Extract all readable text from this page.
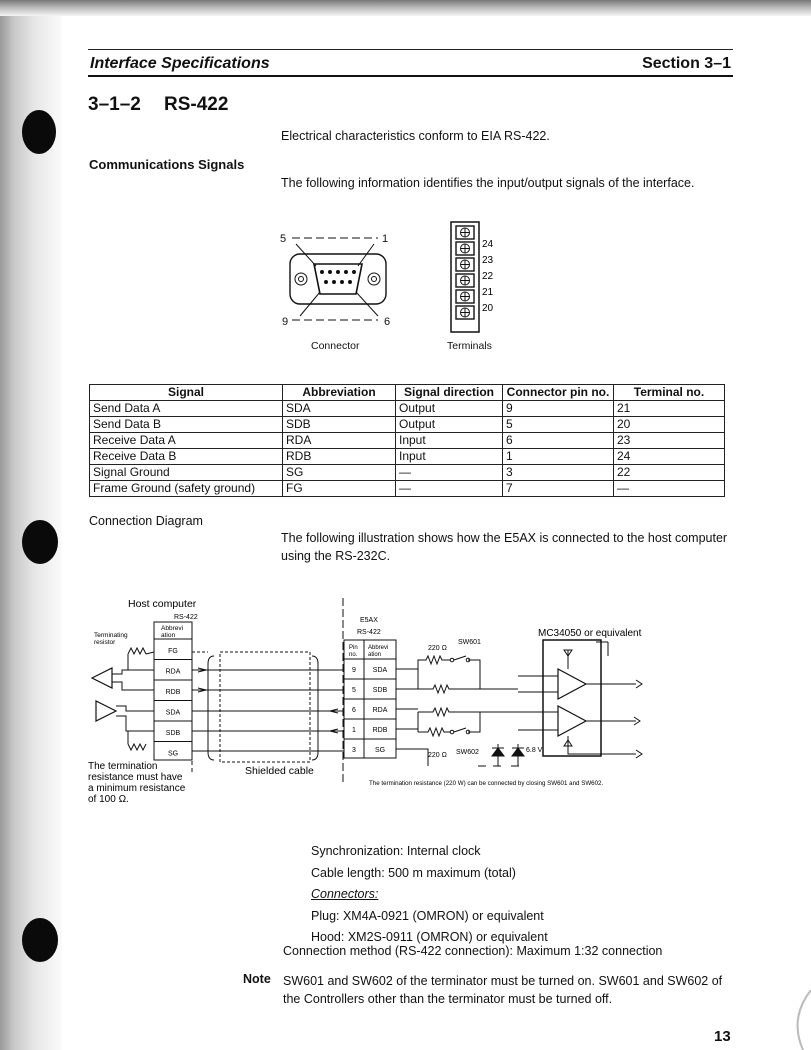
Interface Specifications	Section 3–1
3–1–2 RS-422
Electrical characteristics conform to EIA RS-422.
Communications Signals
The following information identifies the input/output signals of the interface.
5	1
9	6
24
23
22
21
20
Connector	Terminals
Signal	Abbreviation	Signal direction	Connector pin no.	Terminal no.
Send Data A	SDA	Output	9	21
Send Data B	SDB	Output	5	20
Receive Data A	RDA	Input	6	23
Receive Data B	RDB	Input	1	24
Signal Ground	SG	—	3	22
Frame Ground (safety ground)	FG	—	7	—
Connection Diagram
The following illustration shows how the E5AX is connected to the host computer using the RS-232C.
Host computer
RS-422
Terminating resistor
Abbrevi ation
FG
RDA
RDB
SDA
SDB
SG
The termination resistance must have a minimum resistance of 100 Ω.
Shielded cable
E5AX
RS-422
Pin no.
Abbrevi ation
9 SDA
5 SDB
6 RDA
1 RDB
3	SG
220 Ω
SW601
220 Ω SW602	6.8 V
MC34050 or equivalent
The termination resistance (220 W) can be connected by closing SW601 and SW602.
Synchronization: Internal clock
Cable length: 500 m maximum (total)
Connectors:
Plug: XM4A-0921 (OMRON) or equivalent
Hood: XM2S-0911 (OMRON) or equivalent
Connection method (RS-422 connection): Maximum 1:32 connection
Note SW601 and SW602 of the terminator must be turned on. SW601 and SW602 of the Controllers other than the terminator must be turned off.
13
